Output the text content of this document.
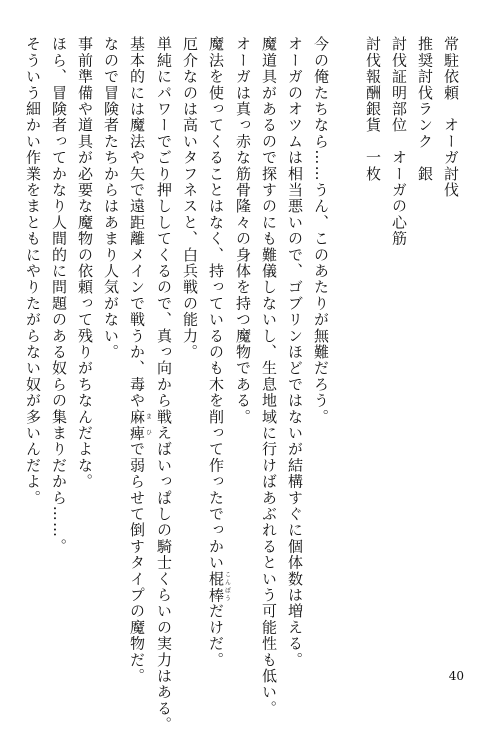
常駐依頼　オーガ討伐
推奨討伐ランク　銀
討伐証明部位　オーガの心筋
討伐報酬銀貨　一枚
今の俺たちなら……うん、このあたりが無難だろう。
オーガのオツムは相当悪いので、ゴブリンほどではないが結構すぐに個体数は増える。
魔道具があるので探すのにも難儀しないし、生息地域に行けばあぶれるという可能性も低い。
オーガは真っ赤な筋骨隆々の身体を持つ魔物である。
魔法を使ってくることはなく、持っているのも木を削って作ったでっかい棍棒こんぼうだけだ。
厄介なのは高いタフネスと、白兵戦の能力。
単純にパワーでごり押ししてくるので、真っ向から戦えばいっぱしの騎士くらいの実力はある。
基本的には魔法や矢で遠距離メインで戦うか、毒や麻痺まひで弱らせて倒すタイプの魔物だ。
なので冒険者たちからはあまり人気がない。
事前準備や道具が必要な魔物の依頼って残りがちなんだよな。
ほら、冒険者ってかなり人間的に問題のある奴らの集まりだから……。
そういう細かい作業をまともにやりたがらない奴が多いんだよ。
40
